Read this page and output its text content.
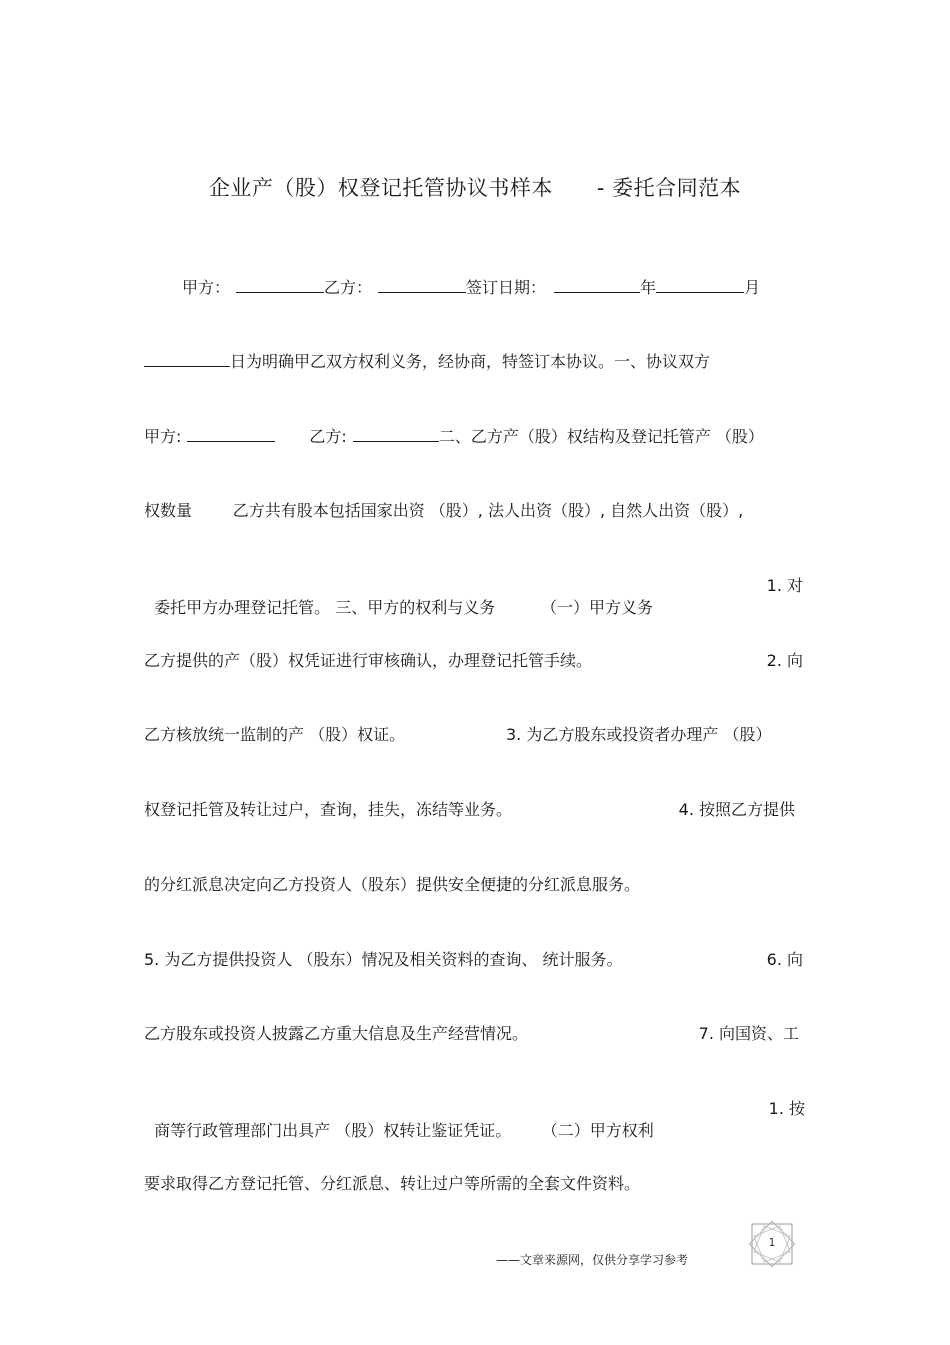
企业产（股）权登记托管协议书样本 - 委托合同范本
甲方：	乙方：	签订日期：	年	月
日为明确甲乙双方权利义务，经协商，特签订本协议。一、协议双方
甲方:	乙方:	二、乙方产（股）权结构及登记托管产 （股）
权数量        乙方共有股本包括国家出资 （股）, 法人出资（股）, 自然人出资（股）,

委托甲方办理登记托管。 三、甲方的权利与义务         （一）甲方义务

1. 对

乙方提供的产（股）权凭证进行审核确认，办理登记托管手续。	2. 向
乙方核放统一监制的产 （股）权证。	3. 为乙方股东或投资者办理产 （股）
权登记托管及转让过户，查询，挂失，冻结等业务。	4. 按照乙方提供
的分红派息决定向乙方投资人（股东）提供安全便捷的分红派息服务。
5. 为乙方提供投资人 （股东）情况及相关资料的查询、 统计服务。	6. 向
乙方股东或投资人披露乙方重大信息及生产经营情况。	7. 向国资、工

商等行政管理部门出具产 （股）权转让鉴证凭证。      （二）甲方权利

1. 按

要求取得乙方登记托管、分红派息、转让过户等所需的全套文件资料。
——文章来源网，仅供分享学习参考
1
